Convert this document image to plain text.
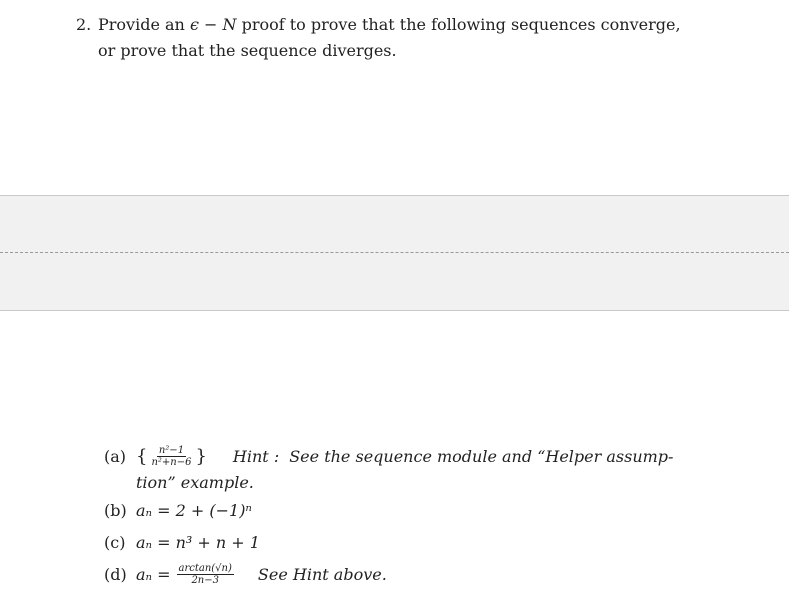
2. Provide an ϵ − N proof to prove that the following sequences converge,
or prove that the sequence diverges.
(a) { $\frac{\text{n²−1}}{\text{n²+n−6}}$ } Hint : See the sequence module and “Helper assump-
tion” example.
(b) aₙ = 2 + (−1)ⁿ
(c) aₙ = n³ + n + 1
(d) $a_n = \frac{\arctan(√n)}{2n-3}$ See Hint above.
